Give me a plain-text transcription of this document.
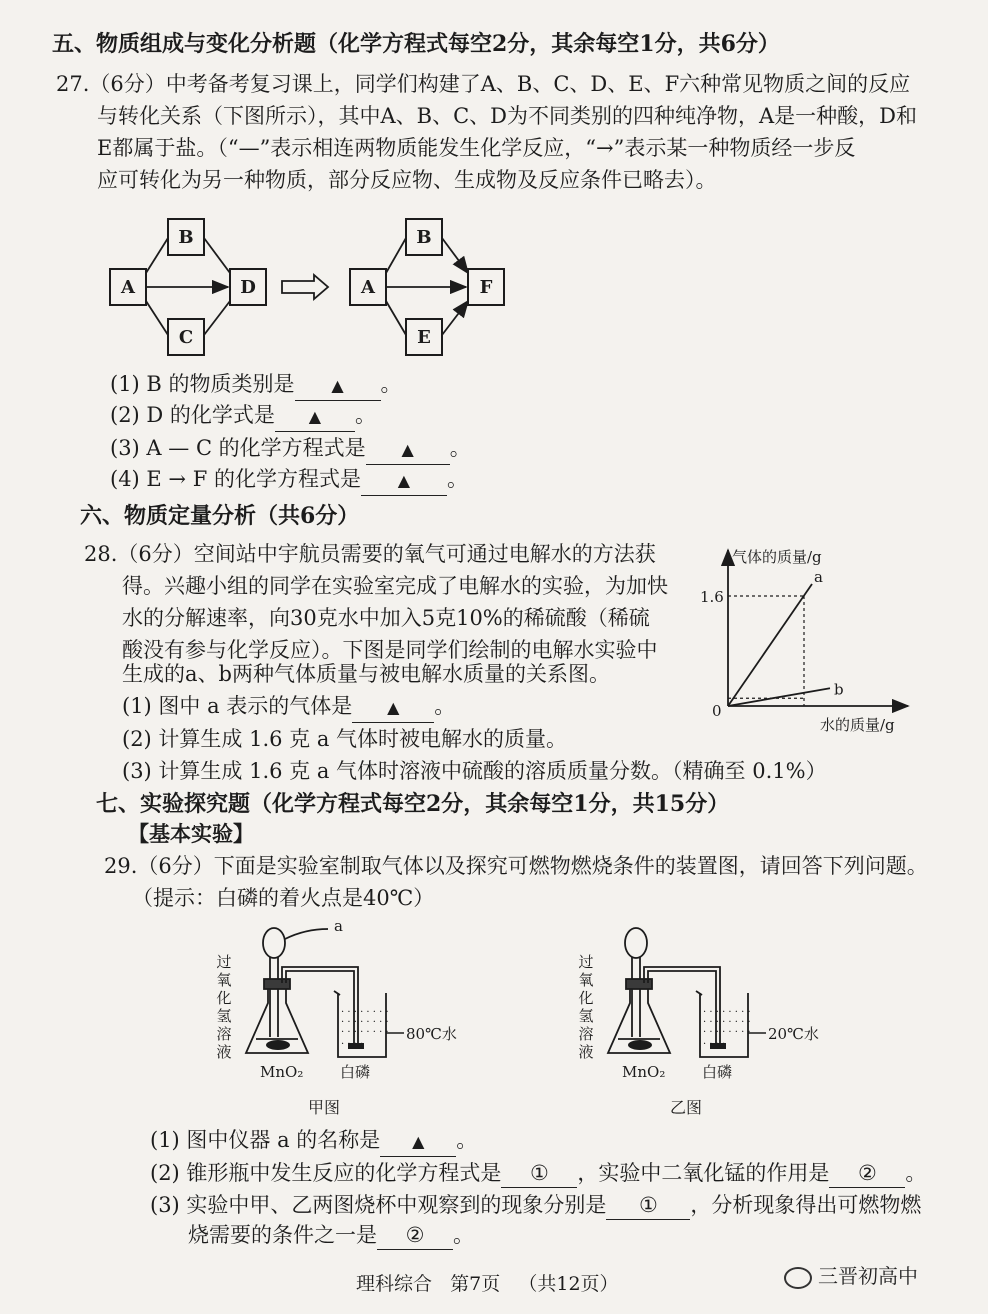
五、物质组成与变化分析题（化学方程式每空2分，其余每空1分，共6分）
27.（6分）中考备考复习课上，同学们构建了A、B、C、D、E、F六种常见物质之间的反应
与转化关系（下图所示），其中A、B、C、D为不同类别的四种纯净物，A是一种酸，D和
E都属于盐。（“—”表示相连两物质能发生化学反应，“→”表示某一种物质经一步反
应可转化为另一种物质，部分反应物、生成物及反应条件已略去）。
B
A	D
C
B
A	F
E
(1) B 的物质类别是 ▲ 。
(2) D 的化学式是 ▲ 。
(3) A — C 的化学方程式是 ▲ 。
(4) E → F 的化学方程式是 ▲ 。
六、物质定量分析（共6分）
28.（6分）空间站中宇航员需要的氧气可通过电解水的方法获
得。兴趣小组的同学在实验室完成了电解水的实验，为加快
水的分解速率，向30克水中加入5克10%的稀硫酸（稀硫
酸没有参与化学反应）。下图是同学们绘制的电解水实验中
生成的a、b两种气体质量与被电解水质量的关系图。
气体的质量/g
水的质量/g
0
1.6
a
b
(1) 图中 a 表示的气体是 ▲ 。
(2) 计算生成 1.6 克 a 气体时被电解水的质量。
(3) 计算生成 1.6 克 a 气体时溶液中硫酸的溶质质量分数。（精确至 0.1%）
七、实验探究题（化学方程式每空2分，其余每空1分，共15分）
【基本实验】
29.（6分）下面是实验室制取气体以及探究可燃物燃烧条件的装置图，请回答下列问题。
（提示：白磷的着火点是40℃）
· · · · · · · ·
· · · · · · · ·
· · · · · · · ·
· · · ·
a
80℃水
MnO₂ 白磷
甲图
过
氧
化
氢
溶
液
· · · · · · · ·
· · · · · · · ·
· · · · · · · ·
· · · ·
20℃水
MnO₂ 白磷
乙图
过
氧
化
氢
溶
液
(1) 图中仪器 a 的名称是 ▲ 。
(2) 锥形瓶中发生反应的化学方程式是 ① ，实验中二氧化锰的作用是 ② 。
(3) 实验中甲、乙两图烧杯中观察到的现象分别是 ① ，分析现象得出可燃物燃
烧需要的条件之一是 ② 。
理科综合 第7页 （共12页）	三晋初高中
